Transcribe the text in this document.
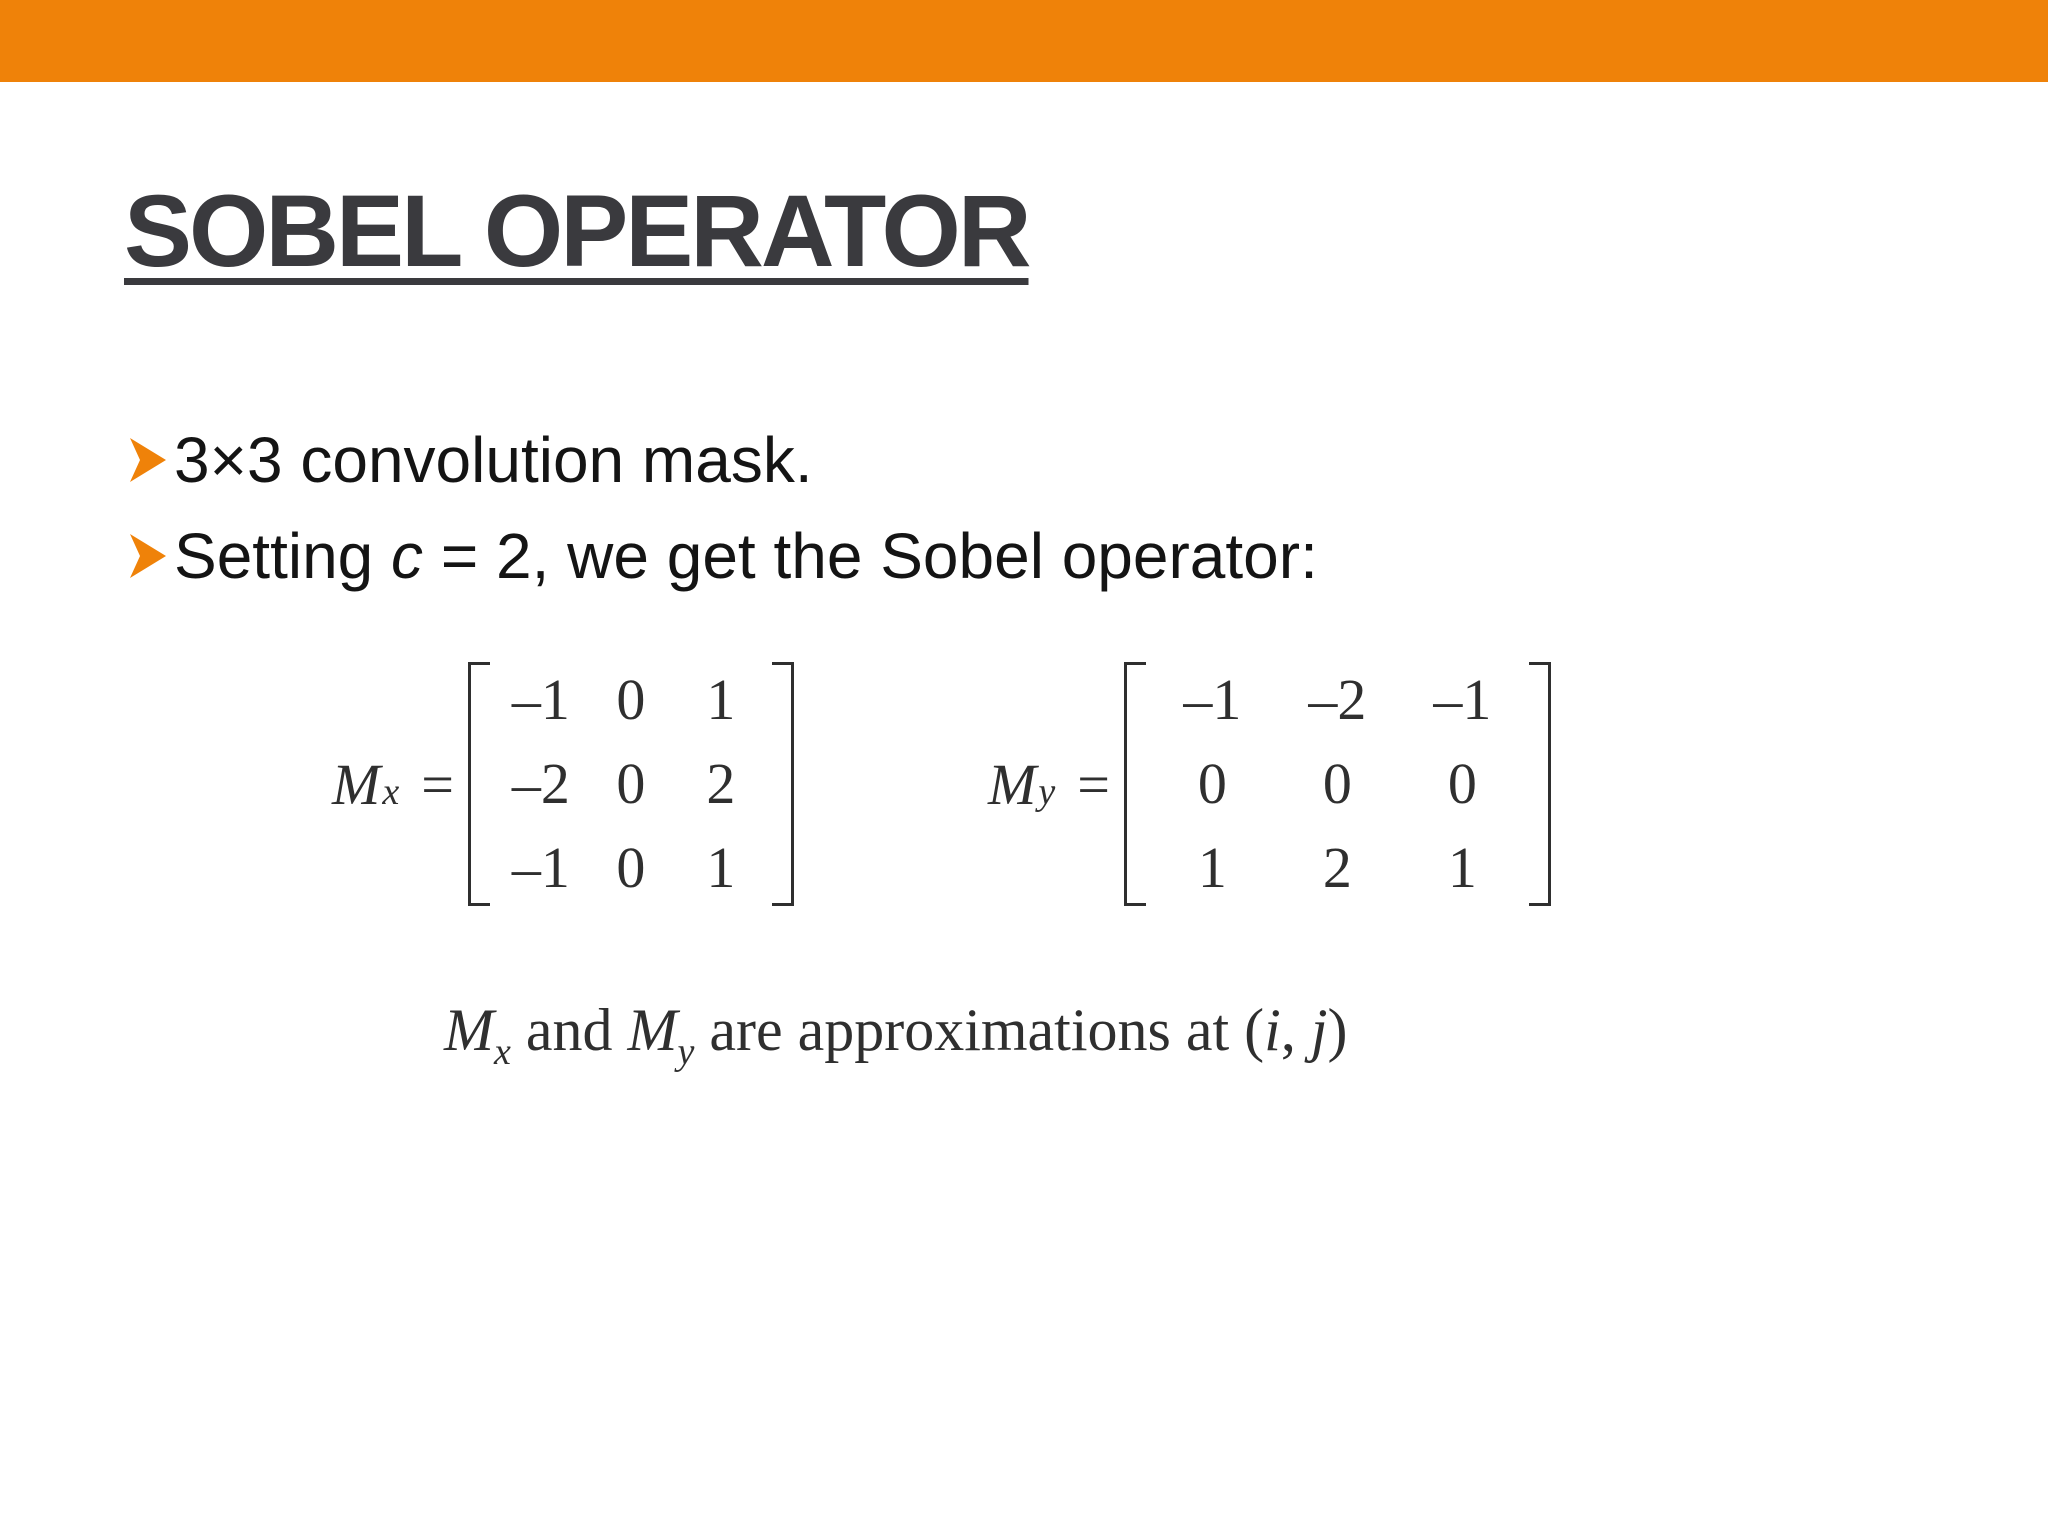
SOBEL OPERATOR
3×3 convolution mask.
Setting c = 2, we get the Sobel operator:
M x =
–1 0	1
–2 0	2
–1 0	1
M y =
–1	–2	–1
0	0	0
1	2	1

$M_x$ and $M_y$ are approximations at (i, j)
